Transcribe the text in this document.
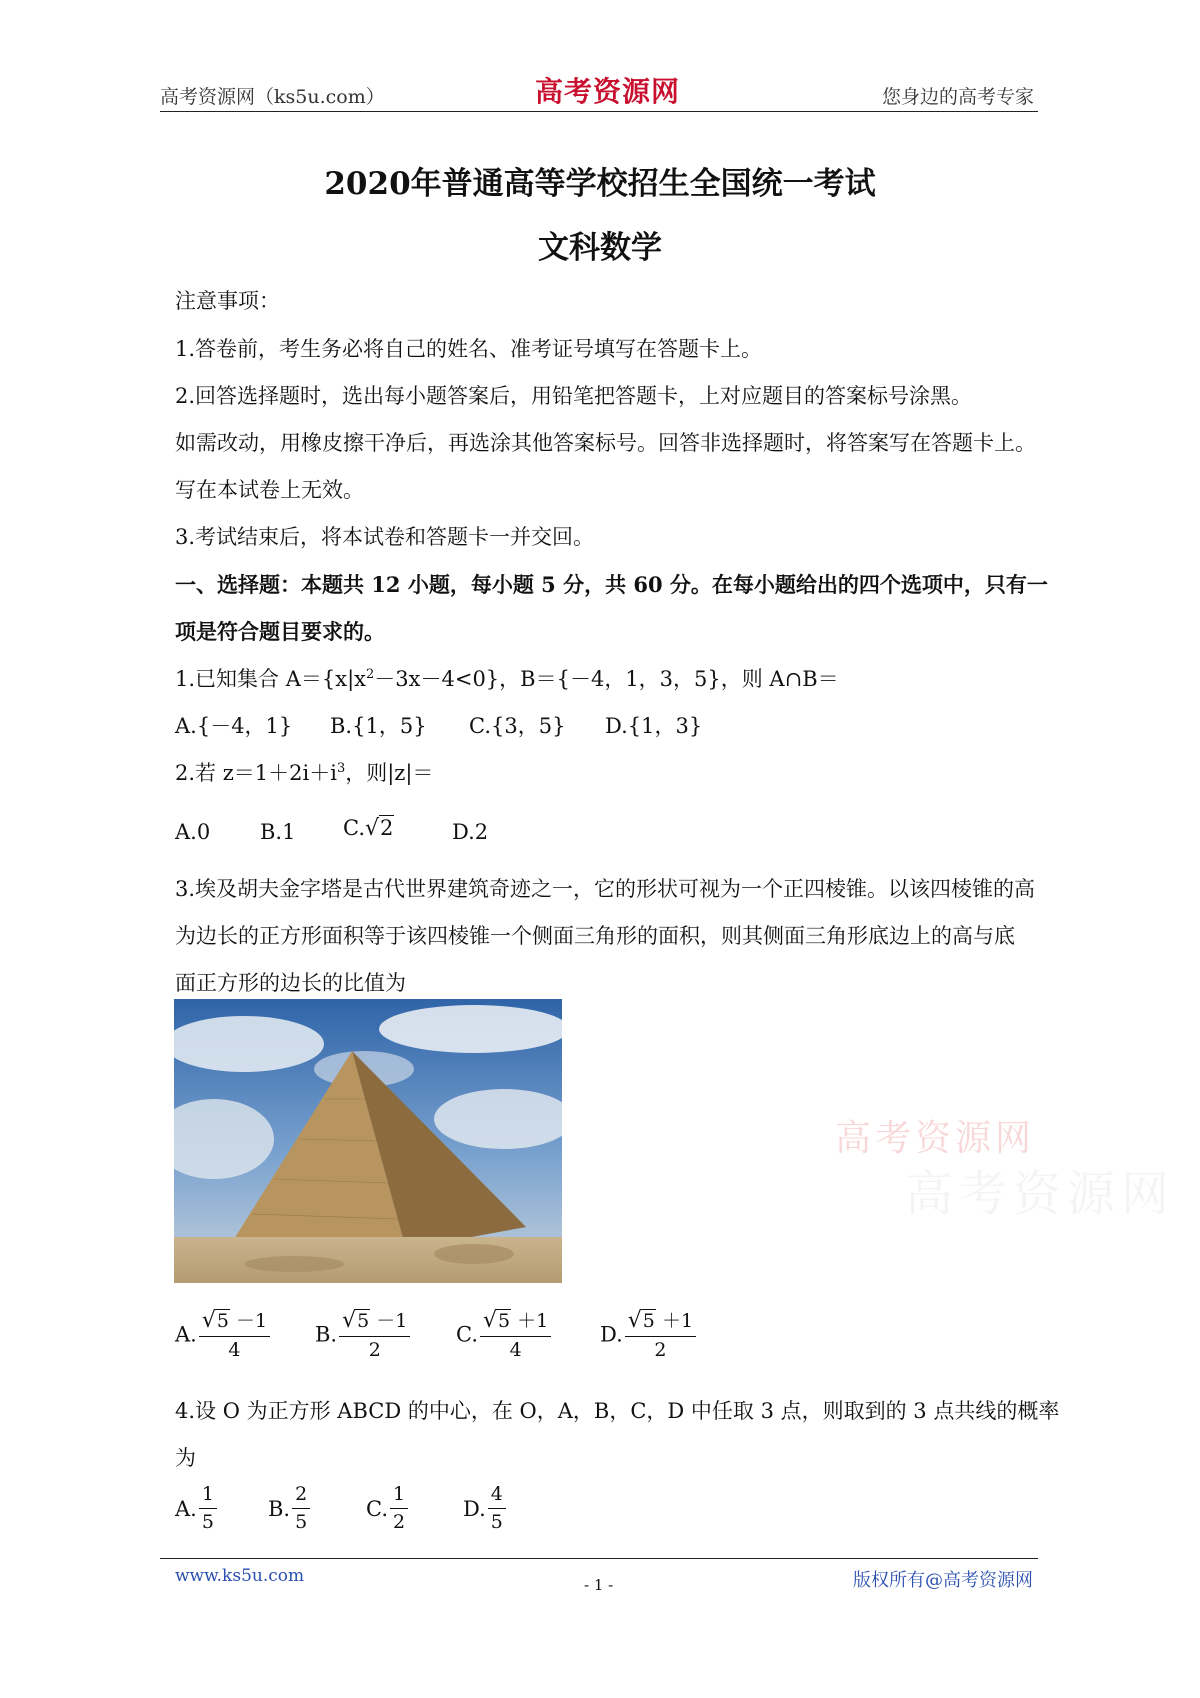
高考资源网（ks5u.com）	高考资源网	您身边的高考专家
2020年普通高等学校招生全国统一考试
文科数学
注意事项：
1.答卷前，考生务必将自己的姓名、准考证号填写在答题卡上。
2.回答选择题时，选出每小题答案后，用铅笔把答题卡，上对应题目的答案标号涂黑。
如需改动，用橡皮擦干净后，再选涂其他答案标号。回答非选择题时，将答案写在答题卡上。
写在本试卷上无效。
3.考试结束后，将本试卷和答题卡一并交回。
一、选择题：本题共 12 小题，每小题 5 分，共 60 分。在每小题给出的四个选项中，只有一
项是符合题目要求的。
1.已知集合 $A=\{x|x^2-3x-4<0\}$，B＝{－4，1，3，5}，则 A∩B＝
A.{－4，1} B.{1，5} C.{3，5} D.{1，3}
2.若 $z=1+2i+i^3$，则|z|＝
A.0 B.1 C.√2	D.2
3.埃及胡夫金字塔是古代世界建筑奇迹之一，它的形状可视为一个正四棱锥。以该四棱锥的高
为边长的正方形面积等于该四棱锥一个侧面三角形的面积，则其侧面三角形底边上的高与底
面正方形的边长的比值为
A. $\frac{√5 -1}{4} B$. $\frac{√5 -1}{2} C$. $\frac{√5 +1}{4} D$. $\frac{√5 +1}{2}$
4.设 O 为正方形 ABCD 的中心，在 O，A，B，C，D 中任取 3 点，则取到的 3 点共线的概率
为
A. $\frac{1}{5} B$. $\frac{2}{5}$	C. $\frac{1}{2}$	D. $\frac{4}{5}$
高考资源网
高考资源网
www.ks5u.com	- 1 -	版权所有@高考资源网
